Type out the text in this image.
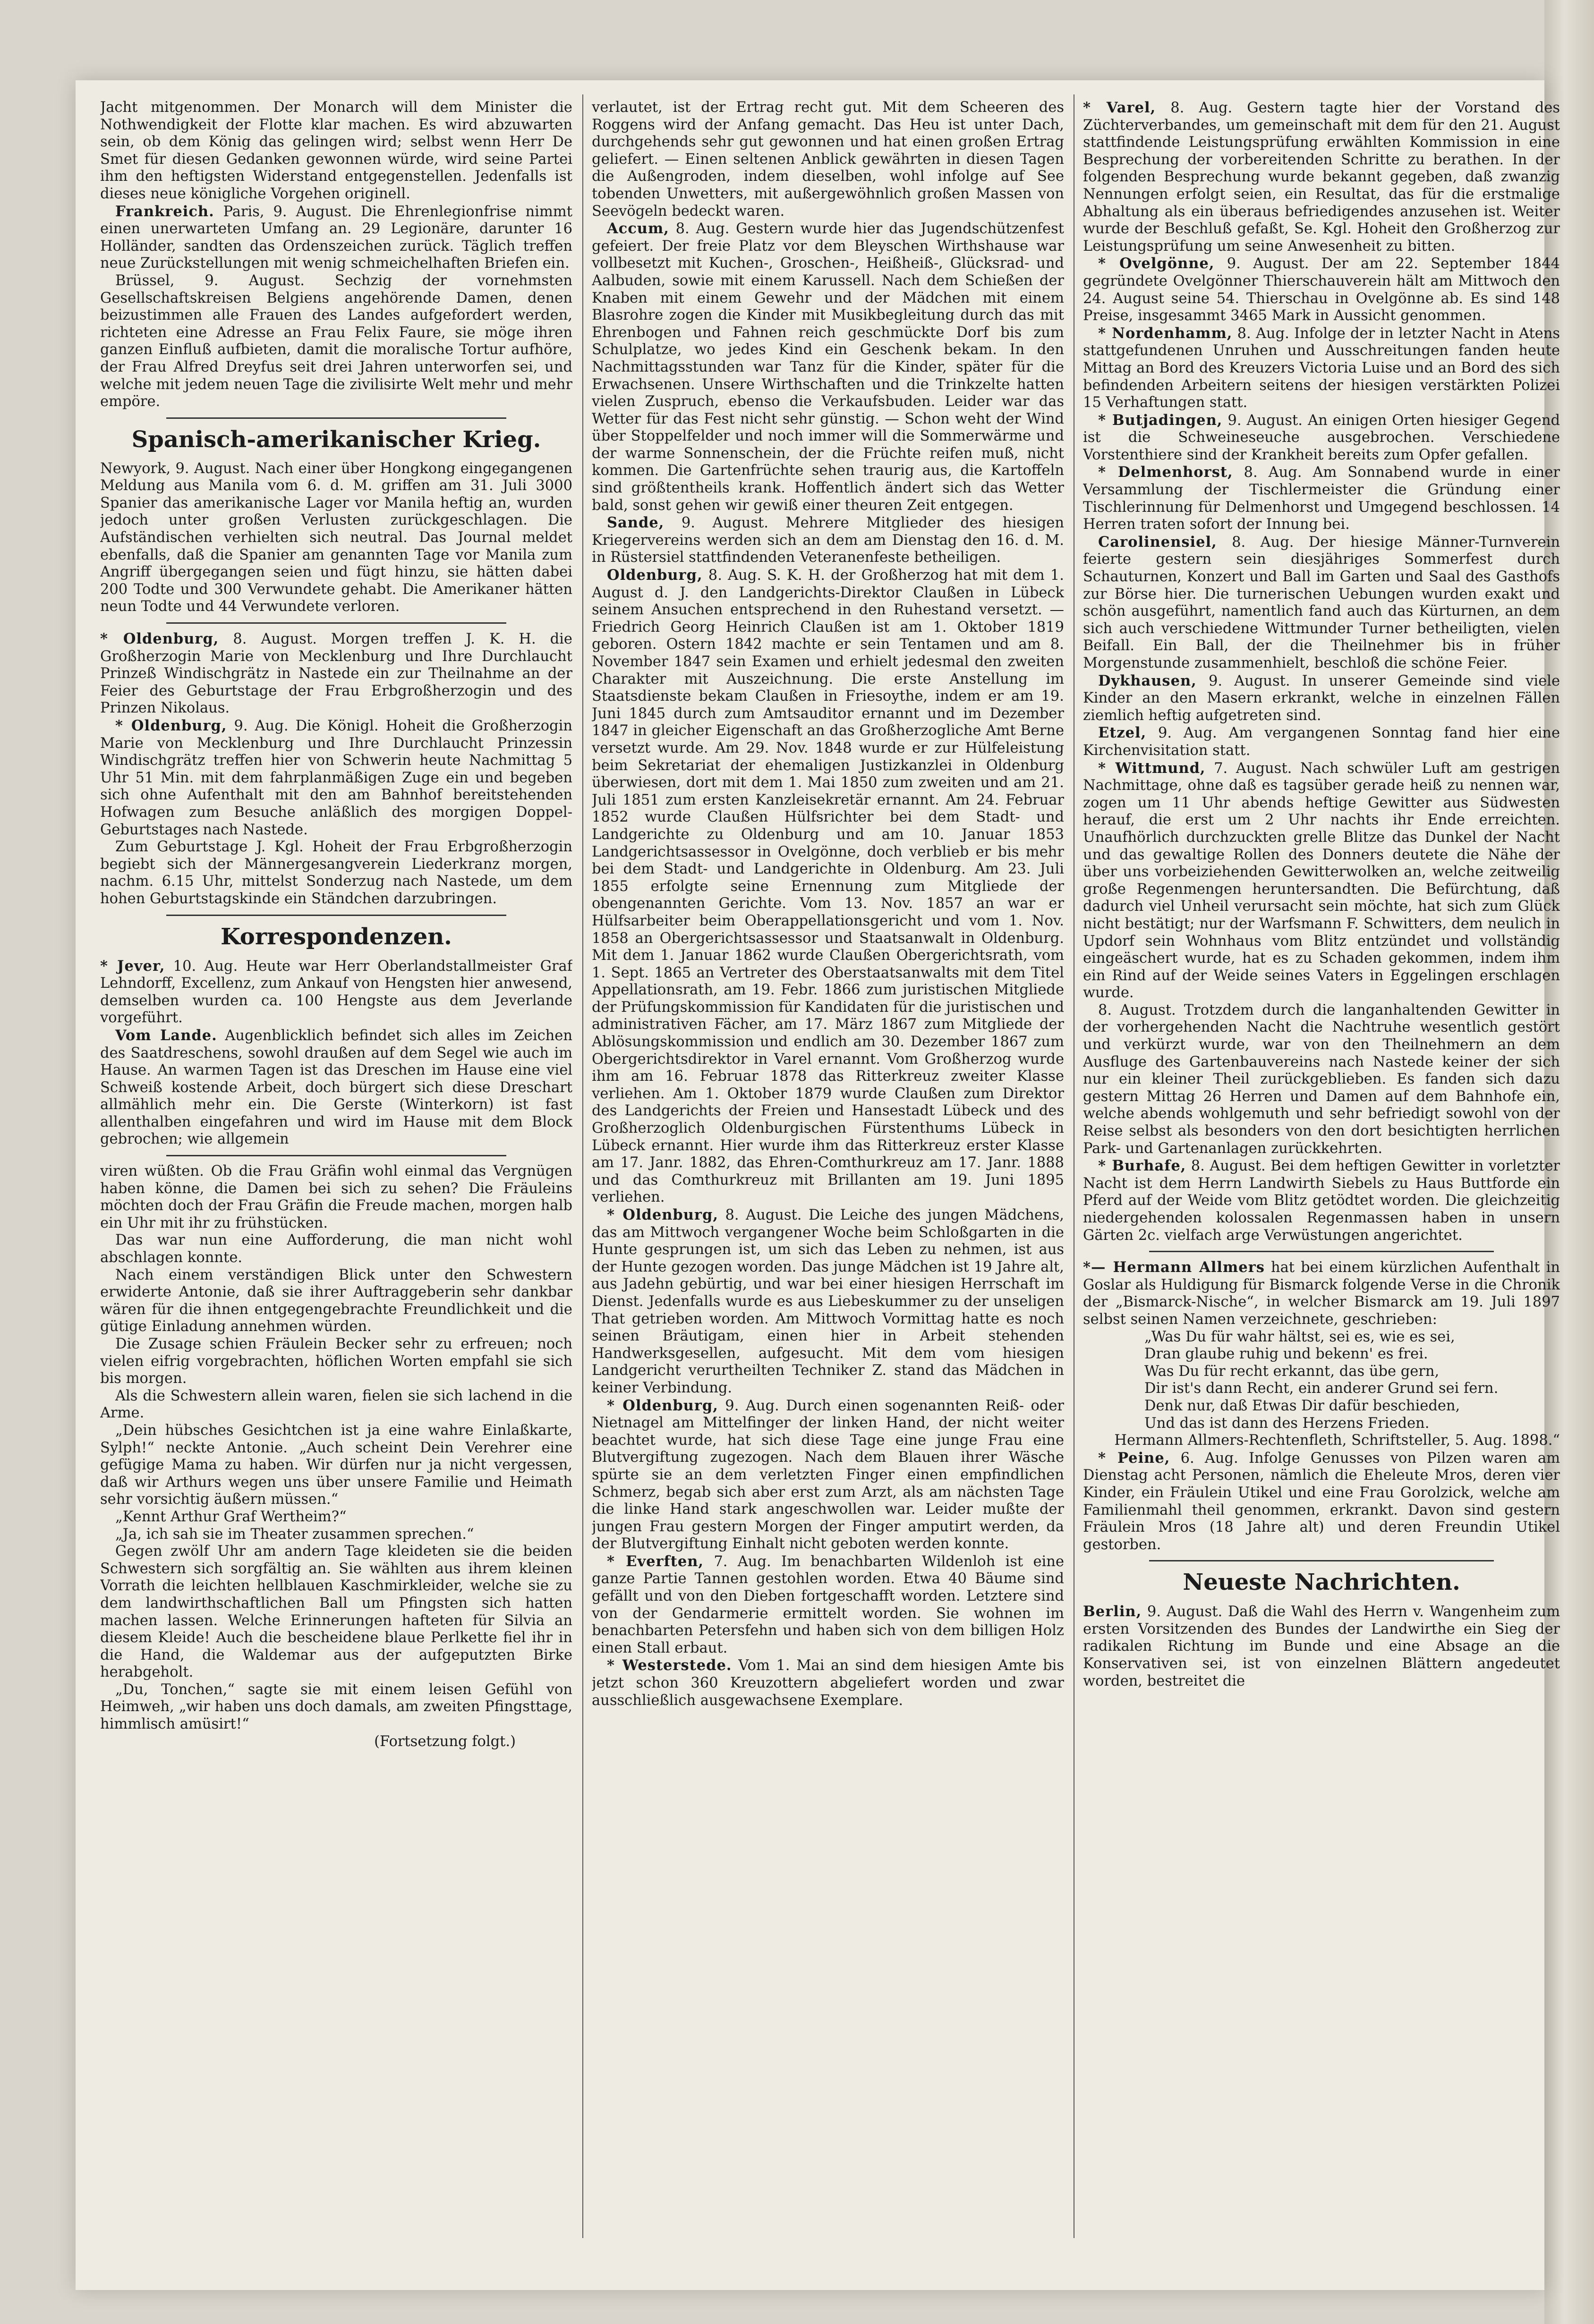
Jacht mitgenommen. Der Monarch will dem Minister die Nothwendigkeit der Flotte klar machen. Es wird abzuwarten sein, ob dem König das gelingen wird; selbst wenn Herr De Smet für diesen Gedanken gewonnen würde, wird seine Partei ihm den heftigsten Widerstand entgegenstellen. Jedenfalls ist dieses neue königliche Vorgehen originell.

Frankreich. Paris, 9. August. Die Ehrenlegionfrise nimmt einen unerwarteten Umfang an. 29 Legionäre, darunter 16 Holländer, sandten das Ordenszeichen zurück. Täglich treffen neue Zurückstellungen mit wenig schmeichelhaften Briefen ein.

Brüssel, 9. August. Sechzig der vornehmsten Gesellschaftskreisen Belgiens angehörende Damen, denen beizustimmen alle Frauen des Landes aufgefordert werden, richteten eine Adresse an Frau Felix Faure, sie möge ihren ganzen Einfluß aufbieten, damit die moralische Tortur aufhöre, der Frau Alfred Dreyfus seit drei Jahren unterworfen sei, und welche mit jedem neuen Tage die zivilisirte Welt mehr und mehr empöre.

Spanisch-amerikanischer Krieg.

Newyork, 9. August. Nach einer über Hongkong eingegangenen Meldung aus Manila vom 6. d. M. griffen am 31. Juli 3000 Spanier das amerikanische Lager vor Manila heftig an, wurden jedoch unter großen Verlusten zurückgeschlagen. Die Aufständischen verhielten sich neutral. Das Journal meldet ebenfalls, daß die Spanier am genannten Tage vor Manila zum Angriff übergegangen seien und fügt hinzu, sie hätten dabei 200 Todte und 300 Verwundete gehabt. Die Amerikaner hätten neun Todte und 44 Verwundete verloren.

* Oldenburg, 8. August. Morgen treffen J. K. H. die Großherzogin Marie von Mecklenburg und Ihre Durchlaucht Prinzeß Windischgrätz in Nastede ein zur Theilnahme an der Feier des Geburtstage der Frau Erbgroßherzogin und des Prinzen Nikolaus.

* Oldenburg, 9. Aug. Die Königl. Hoheit die Großherzogin Marie von Mecklenburg und Ihre Durchlaucht Prinzessin Windischgrätz treffen hier von Schwerin heute Nachmittag 5 Uhr 51 Min. mit dem fahrplanmäßigen Zuge ein und begeben sich ohne Aufenthalt mit den am Bahnhof bereitstehenden Hofwagen zum Besuche anläßlich des morgigen Doppel-Geburtstages nach Nastede.

Zum Geburtstage J. Kgl. Hoheit der Frau Erbgroßherzogin begiebt sich der Männergesangverein Liederkranz morgen, nachm. 6.15 Uhr, mittelst Sonderzug nach Nastede, um dem hohen Geburtstagskinde ein Ständchen darzubringen.

Korrespondenzen.

* Jever, 10. Aug. Heute war Herr Oberlandstallmeister Graf Lehndorff, Excellenz, zum Ankauf von Hengsten hier anwesend, demselben wurden ca. 100 Hengste aus dem Jeverlande vorgeführt.

Vom Lande. Augenblicklich befindet sich alles im Zeichen des Saatdreschens, sowohl draußen auf dem Segel wie auch im Hause. An warmen Tagen ist das Dreschen im Hause eine viel Schweiß kostende Arbeit, doch bürgert sich diese Dreschart allmählich mehr ein. Die Gerste (Winterkorn) ist fast allenthalben eingefahren und wird im Hause mit dem Block gebrochen; wie allgemein

viren wüßten. Ob die Frau Gräfin wohl einmal das Vergnügen haben könne, die Damen bei sich zu sehen? Die Fräuleins möchten doch der Frau Gräfin die Freude machen, morgen halb ein Uhr mit ihr zu frühstücken.

Das war nun eine Aufforderung, die man nicht wohl abschlagen konnte.

Nach einem verständigen Blick unter den Schwestern erwiderte Antonie, daß sie ihrer Auftraggeberin sehr dankbar wären für die ihnen entgegengebrachte Freundlichkeit und die gütige Einladung annehmen würden.

Die Zusage schien Fräulein Becker sehr zu erfreuen; noch vielen eifrig vorgebrachten, höflichen Worten empfahl sie sich bis morgen.

Als die Schwestern allein waren, fielen sie sich lachend in die Arme.

„Dein hübsches Gesichtchen ist ja eine wahre Einlaßkarte, Sylph!“ neckte Antonie. „Auch scheint Dein Verehrer eine gefügige Mama zu haben. Wir dürfen nur ja nicht vergessen, daß wir Arthurs wegen uns über unsere Familie und Heimath sehr vorsichtig äußern müssen.“

„Kennt Arthur Graf Wertheim?“

„Ja, ich sah sie im Theater zusammen sprechen.“

Gegen zwölf Uhr am andern Tage kleideten sie die beiden Schwestern sich sorgfältig an. Sie wählten aus ihrem kleinen Vorrath die leichten hellblauen Kaschmirkleider, welche sie zu dem landwirthschaftlichen Ball um Pfingsten sich hatten machen lassen. Welche Erinnerungen hafteten für Silvia an diesem Kleide! Auch die bescheidene blaue Perlkette fiel ihr in die Hand, die Waldemar aus der aufgeputzten Birke herabgeholt.

„Du, Tonchen,“ sagte sie mit einem leisen Gefühl von Heimweh, „wir haben uns doch damals, am zweiten Pfingsttage, himmlisch amüsirt!“

(Fortsetzung folgt.)

verlautet, ist der Ertrag recht gut. Mit dem Scheeren des Roggens wird der Anfang gemacht. Das Heu ist unter Dach, durchgehends sehr gut gewonnen und hat einen großen Ertrag geliefert. — Einen seltenen Anblick gewährten in diesen Tagen die Außengroden, indem dieselben, wohl infolge auf See tobenden Unwetters, mit außergewöhnlich großen Massen von Seevögeln bedeckt waren.

Accum, 8. Aug. Gestern wurde hier das Jugendschützenfest gefeiert. Der freie Platz vor dem Bleyschen Wirthshause war vollbesetzt mit Kuchen-, Groschen-, Heißheiß-, Glücksrad- und Aalbuden, sowie mit einem Karussell. Nach dem Schießen der Knaben mit einem Gewehr und der Mädchen mit einem Blasrohre zogen die Kinder mit Musikbegleitung durch das mit Ehrenbogen und Fahnen reich geschmückte Dorf bis zum Schulplatze, wo jedes Kind ein Geschenk bekam. In den Nachmittagsstunden war Tanz für die Kinder, später für die Erwachsenen. Unsere Wirthschaften und die Trinkzelte hatten vielen Zuspruch, ebenso die Verkaufsbuden. Leider war das Wetter für das Fest nicht sehr günstig. — Schon weht der Wind über Stoppelfelder und noch immer will die Sommerwärme und der warme Sonnenschein, der die Früchte reifen muß, nicht kommen. Die Gartenfrüchte sehen traurig aus, die Kartoffeln sind größtentheils krank. Hoffentlich ändert sich das Wetter bald, sonst gehen wir gewiß einer theuren Zeit entgegen.

Sande, 9. August. Mehrere Mitglieder des hiesigen Kriegervereins werden sich an dem am Dienstag den 16. d. M. in Rüstersiel stattfindenden Veteranenfeste betheiligen.

Oldenburg, 8. Aug. S. K. H. der Großherzog hat mit dem 1. August d. J. den Landgerichts-Direktor Claußen in Lübeck seinem Ansuchen entsprechend in den Ruhestand versetzt. — Friedrich Georg Heinrich Claußen ist am 1. Oktober 1819 geboren. Ostern 1842 machte er sein Tentamen und am 8. November 1847 sein Examen und erhielt jedesmal den zweiten Charakter mit Auszeichnung. Die erste Anstellung im Staatsdienste bekam Claußen in Friesoythe, indem er am 19. Juni 1845 durch zum Amtsauditor ernannt und im Dezember 1847 in gleicher Eigenschaft an das Großherzogliche Amt Berne versetzt wurde. Am 29. Nov. 1848 wurde er zur Hülfeleistung beim Sekretariat der ehemaligen Justizkanzlei in Oldenburg überwiesen, dort mit dem 1. Mai 1850 zum zweiten und am 21. Juli 1851 zum ersten Kanzleisekretär ernannt. Am 24. Februar 1852 wurde Claußen Hülfsrichter bei dem Stadt- und Landgerichte zu Oldenburg und am 10. Januar 1853 Landgerichtsassessor in Ovelgönne, doch verblieb er bis mehr bei dem Stadt- und Landgerichte in Oldenburg. Am 23. Juli 1855 erfolgte seine Ernennung zum Mitgliede der obengenannten Gerichte. Vom 13. Nov. 1857 an war er Hülfsarbeiter beim Oberappellationsgericht und vom 1. Nov. 1858 an Obergerichtsassessor und Staatsanwalt in Oldenburg. Mit dem 1. Januar 1862 wurde Claußen Obergerichtsrath, vom 1. Sept. 1865 an Vertreter des Oberstaatsanwalts mit dem Titel Appellationsrath, am 19. Febr. 1866 zum juristischen Mitgliede der Prüfungskommission für Kandidaten für die juristischen und administrativen Fächer, am 17. März 1867 zum Mitgliede der Ablösungskommission und endlich am 30. Dezember 1867 zum Obergerichtsdirektor in Varel ernannt. Vom Großherzog wurde ihm am 16. Februar 1878 das Ritterkreuz zweiter Klasse verliehen. Am 1. Oktober 1879 wurde Claußen zum Direktor des Landgerichts der Freien und Hansestadt Lübeck und des Großherzoglich Oldenburgischen Fürstenthums Lübeck in Lübeck ernannt. Hier wurde ihm das Ritterkreuz erster Klasse am 17. Janr. 1882, das Ehren-Comthurkreuz am 17. Janr. 1888 und das Comthurkreuz mit Brillanten am 19. Juni 1895 verliehen.

* Oldenburg, 8. August. Die Leiche des jungen Mädchens, das am Mittwoch vergangener Woche beim Schloßgarten in die Hunte gesprungen ist, um sich das Leben zu nehmen, ist aus der Hunte gezogen worden. Das junge Mädchen ist 19 Jahre alt, aus Jadehn gebürtig, und war bei einer hiesigen Herrschaft im Dienst. Jedenfalls wurde es aus Liebeskummer zu der unseligen That getrieben worden. Am Mittwoch Vormittag hatte es noch seinen Bräutigam, einen hier in Arbeit stehenden Handwerksgesellen, aufgesucht. Mit dem vom hiesigen Landgericht verurtheilten Techniker Z. stand das Mädchen in keiner Verbindung.

* Oldenburg, 9. Aug. Durch einen sogenannten Reiß- oder Nietnagel am Mittelfinger der linken Hand, der nicht weiter beachtet wurde, hat sich diese Tage eine junge Frau eine Blutvergiftung zugezogen. Nach dem Blauen ihrer Wäsche spürte sie an dem verletzten Finger einen empfindlichen Schmerz, begab sich aber erst zum Arzt, als am nächsten Tage die linke Hand stark angeschwollen war. Leider mußte der jungen Frau gestern Morgen der Finger amputirt werden, da der Blutvergiftung Einhalt nicht geboten werden konnte.

* Everften, 7. Aug. Im benachbarten Wildenloh ist eine ganze Partie Tannen gestohlen worden. Etwa 40 Bäume sind gefällt und von den Dieben fortgeschafft worden. Letztere sind von der Gendarmerie ermittelt worden. Sie wohnen im benachbarten Petersfehn und haben sich von dem billigen Holz einen Stall erbaut.

* Westerstede. Vom 1. Mai an sind dem hiesigen Amte bis jetzt schon 360 Kreuzottern abgeliefert worden und zwar ausschließlich ausgewachsene Exemplare.

* Varel, 8. Aug. Gestern tagte hier der Vorstand des Züchterverbandes, um gemeinschaft mit dem für den 21. August stattfindende Leistungsprüfung erwählten Kommission in eine Besprechung der vorbereitenden Schritte zu berathen. In der folgenden Besprechung wurde bekannt gegeben, daß zwanzig Nennungen erfolgt seien, ein Resultat, das für die erstmalige Abhaltung als ein überaus befriedigendes anzusehen ist. Weiter wurde der Beschluß gefaßt, Se. Kgl. Hoheit den Großherzog zur Leistungsprüfung um seine Anwesenheit zu bitten.

* Ovelgönne, 9. August. Der am 22. September 1844 gegründete Ovelgönner Thierschauverein hält am Mittwoch den 24. August seine 54. Thierschau in Ovelgönne ab. Es sind 148 Preise, insgesammt 3465 Mark in Aussicht genommen.

* Nordenhamm, 8. Aug. Infolge der in letzter Nacht in Atens stattgefundenen Unruhen und Ausschreitungen fanden heute Mittag an Bord des Kreuzers Victoria Luise und an Bord des sich befindenden Arbeitern seitens der hiesigen verstärkten Polizei 15 Verhaftungen statt.

* Butjadingen, 9. August. An einigen Orten hiesiger Gegend ist die Schweineseuche ausgebrochen. Verschiedene Vorstenthiere sind der Krankheit bereits zum Opfer gefallen.

* Delmenhorst, 8. Aug. Am Sonnabend wurde in einer Versammlung der Tischlermeister die Gründung einer Tischlerinnung für Delmenhorst und Umgegend beschlossen. 14 Herren traten sofort der Innung bei.

Carolinensiel, 8. Aug. Der hiesige Männer-Turnverein feierte gestern sein diesjähriges Sommerfest durch Schauturnen, Konzert und Ball im Garten und Saal des Gasthofs zur Börse hier. Die turnerischen Uebungen wurden exakt und schön ausgeführt, namentlich fand auch das Kürturnen, an dem sich auch verschiedene Wittmunder Turner betheiligten, vielen Beifall. Ein Ball, der die Theilnehmer bis in früher Morgenstunde zusammenhielt, beschloß die schöne Feier.

Dykhausen, 9. August. In unserer Gemeinde sind viele Kinder an den Masern erkrankt, welche in einzelnen Fällen ziemlich heftig aufgetreten sind.

Etzel, 9. Aug. Am vergangenen Sonntag fand hier eine Kirchenvisitation statt.

* Wittmund, 7. August. Nach schwüler Luft am gestrigen Nachmittage, ohne daß es tagsüber gerade heiß zu nennen war, zogen um 11 Uhr abends heftige Gewitter aus Südwesten herauf, die erst um 2 Uhr nachts ihr Ende erreichten. Unaufhörlich durchzuckten grelle Blitze das Dunkel der Nacht und das gewaltige Rollen des Donners deutete die Nähe der über uns vorbeiziehenden Gewitterwolken an, welche zeitweilig große Regenmengen heruntersandten. Die Befürchtung, daß dadurch viel Unheil verursacht sein möchte, hat sich zum Glück nicht bestätigt; nur der Warfsmann F. Schwitters, dem neulich in Updorf sein Wohnhaus vom Blitz entzündet und vollständig eingeäschert wurde, hat es zu Schaden gekommen, indem ihm ein Rind auf der Weide seines Vaters in Eggelingen erschlagen wurde.

8. August. Trotzdem durch die langanhaltenden Gewitter in der vorhergehenden Nacht die Nachtruhe wesentlich gestört und verkürzt wurde, war von den Theilnehmern an dem Ausfluge des Gartenbauvereins nach Nastede keiner der sich nur ein kleiner Theil zurückgeblieben. Es fanden sich dazu gestern Mittag 26 Herren und Damen auf dem Bahnhofe ein, welche abends wohlgemuth und sehr befriedigt sowohl von der Reise selbst als besonders von den dort besichtigten herrlichen Park- und Gartenanlagen zurückkehrten.

* Burhafe, 8. August. Bei dem heftigen Gewitter in vorletzter Nacht ist dem Herrn Landwirth Siebels zu Haus Buttforde ein Pferd auf der Weide vom Blitz getödtet worden. Die gleichzeitig niedergehenden kolossalen Regenmassen haben in unsern Gärten 2c. vielfach arge Verwüstungen angerichtet.

*— Hermann Allmers hat bei einem kürzlichen Aufenthalt in Goslar als Huldigung für Bismarck folgende Verse in die Chronik der „Bismarck-Nische“, in welcher Bismarck am 19. Juli 1897 selbst seinen Namen verzeichnete, geschrieben:

„Was Du für wahr hältst, sei es, wie es sei,
Dran glaube ruhig und bekenn' es frei.
Was Du für recht erkannt, das übe gern,
Dir ist's dann Recht, ein anderer Grund sei fern.
Denk nur, daß Etwas Dir dafür beschieden,
Und das ist dann des Herzens Frieden.

Hermann Allmers-Rechtenfleth, Schriftsteller, 5. Aug. 1898.“

* Peine, 6. Aug. Infolge Genusses von Pilzen waren am Dienstag acht Personen, nämlich die Eheleute Mros, deren vier Kinder, ein Fräulein Utikel und eine Frau Gorolzick, welche am Familienmahl theil genommen, erkrankt. Davon sind gestern Fräulein Mros (18 Jahre alt) und deren Freundin Utikel gestorben.

Neueste Nachrichten.

Berlin, 9. August. Daß die Wahl des Herrn v. Wangenheim zum ersten Vorsitzenden des Bundes der Landwirthe ein Sieg der radikalen Richtung im Bunde und eine Absage an die Konservativen sei, ist von einzelnen Blättern angedeutet worden, bestreitet die
